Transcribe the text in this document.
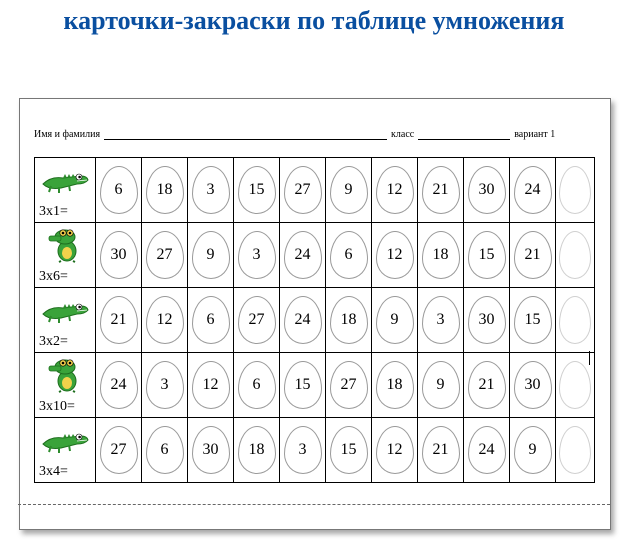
карточки-закраски по таблице умножения
Имя и фамилия	класс	вариант 1
3x1=	6	18	3	15	27	9	12	21	30	24	

3x6=	30	27	9	3	24	6	12	18	15	21	

3x2=	21	12	6	27	24	18	9	3	30	15	

3x10=	24	3	12	6	15	27	18	9	21	30	

3x4=	27	6	30	18	3	15	12	21	24	9	
